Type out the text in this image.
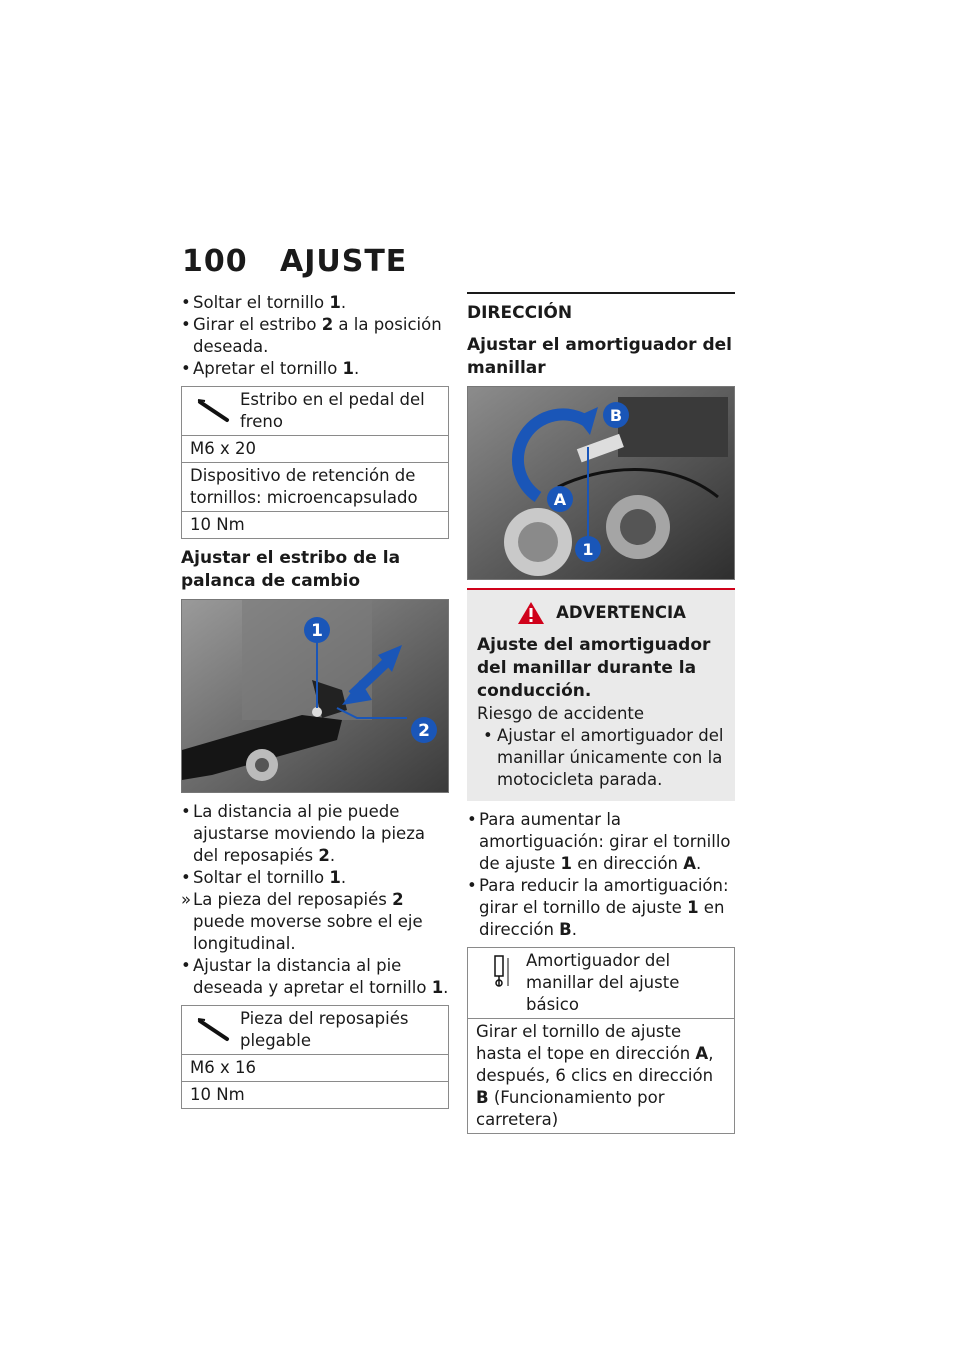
100 AJUSTE
• Soltar el tornillo 1.
• Girar el estribo 2 a la posición deseada.
• Apretar el tornillo 1.
Estribo en el pedal del freno
M6 x 20
Dispositivo de retención de tornillos: microencapsulado
10 Nm
Ajustar el estribo de la palanca de cambio
1
2
• La distancia al pie puede ajustarse moviendo la pieza del reposapiés 2.
• Soltar el tornillo 1.
» La pieza del reposapiés 2 puede moverse sobre el eje longitudinal.
• Ajustar la distancia al pie deseada y apretar el tornillo 1.
Pieza del reposapiés plegable
M6 x 16
10 Nm
DIRECCIÓN
Ajustar el amortiguador del manillar
B
A
1
ADVERTENCIA
Ajuste del amortiguador del manillar durante la conducción.
Riesgo de accidente
• Ajustar el amortiguador del manillar únicamente con la motocicleta parada.
• Para aumentar la amortiguación: girar el tornillo de ajuste 1 en dirección A.
• Para reducir la amortiguación: girar el tornillo de ajuste 1 en dirección B.
Amortiguador del manillar del ajuste básico
Girar el tornillo de ajuste hasta el tope en dirección A, después, 6 clics en dirección B (Funcionamiento por carretera)
